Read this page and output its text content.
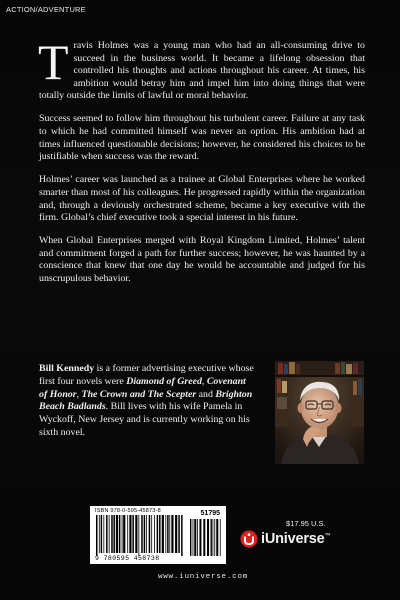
ACTION/ADVENTURE

Travis Holmes was a young man who had an all-consuming drive to succeed in the business world. It became a lifelong obsession that controlled his thoughts and actions throughout his career. At times, his ambition would betray him and impel him into doing things that were totally outside the limits of lawful or moral behavior.

Success seemed to follow him throughout his turbulent career. Failure at any task to which he had committed himself was never an option. His ambition had at times influenced questionable decisions; however, he considered his choices to be justifiable when success was the reward.

Holmes’ career was launched as a trainee at Global Enterprises where he worked smarter than most of his colleagues. He progressed rapidly within the organization and, through a deviously orchestrated scheme, became a key executive with the firm. Global’s chief executive took a special interest in his future.

When Global Enterprises merged with Royal Kingdom Limited, Holmes’ talent and commitment forged a path for further success; however, he was haunted by a conscience that knew that one day he would be accountable and judged for his unscrupulous behavior.

Bill Kennedy is a former advertising executive whose first four novels were Diamond of Greed, Covenant of Honor, The Crown and The Scepter and Brighton Beach Badlands. Bill lives with his wife Pamela in Wyckoff, New Jersey and is currently working on his sixth novel.
ISBN 978-0-595-45873-8	51795
9 780595 458738
$17.95 U.S.
iUniverse™
www.iuniverse.com
